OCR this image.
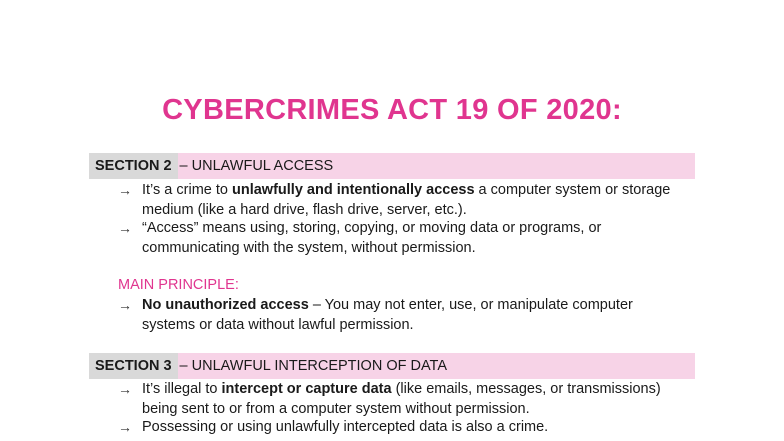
CYBERCRIMES ACT 19 OF 2020:
SECTION 2 – UNLAWFUL ACCESS
→ It’s a crime to unlawfully and intentionally access a computer system or storage medium (like a hard drive, flash drive, server, etc.).
→ “Access” means using, storing, copying, or moving data or programs, or communicating with the system, without permission.
MAIN PRINCIPLE:
→ No unauthorized access – You may not enter, use, or manipulate computer systems or data without lawful permission.
SECTION 3 – UNLAWFUL INTERCEPTION OF DATA
→ It’s illegal to intercept or capture data (like emails, messages, or transmissions) being sent to or from a computer system without permission.
→ Possessing or using unlawfully intercepted data is also a crime.
